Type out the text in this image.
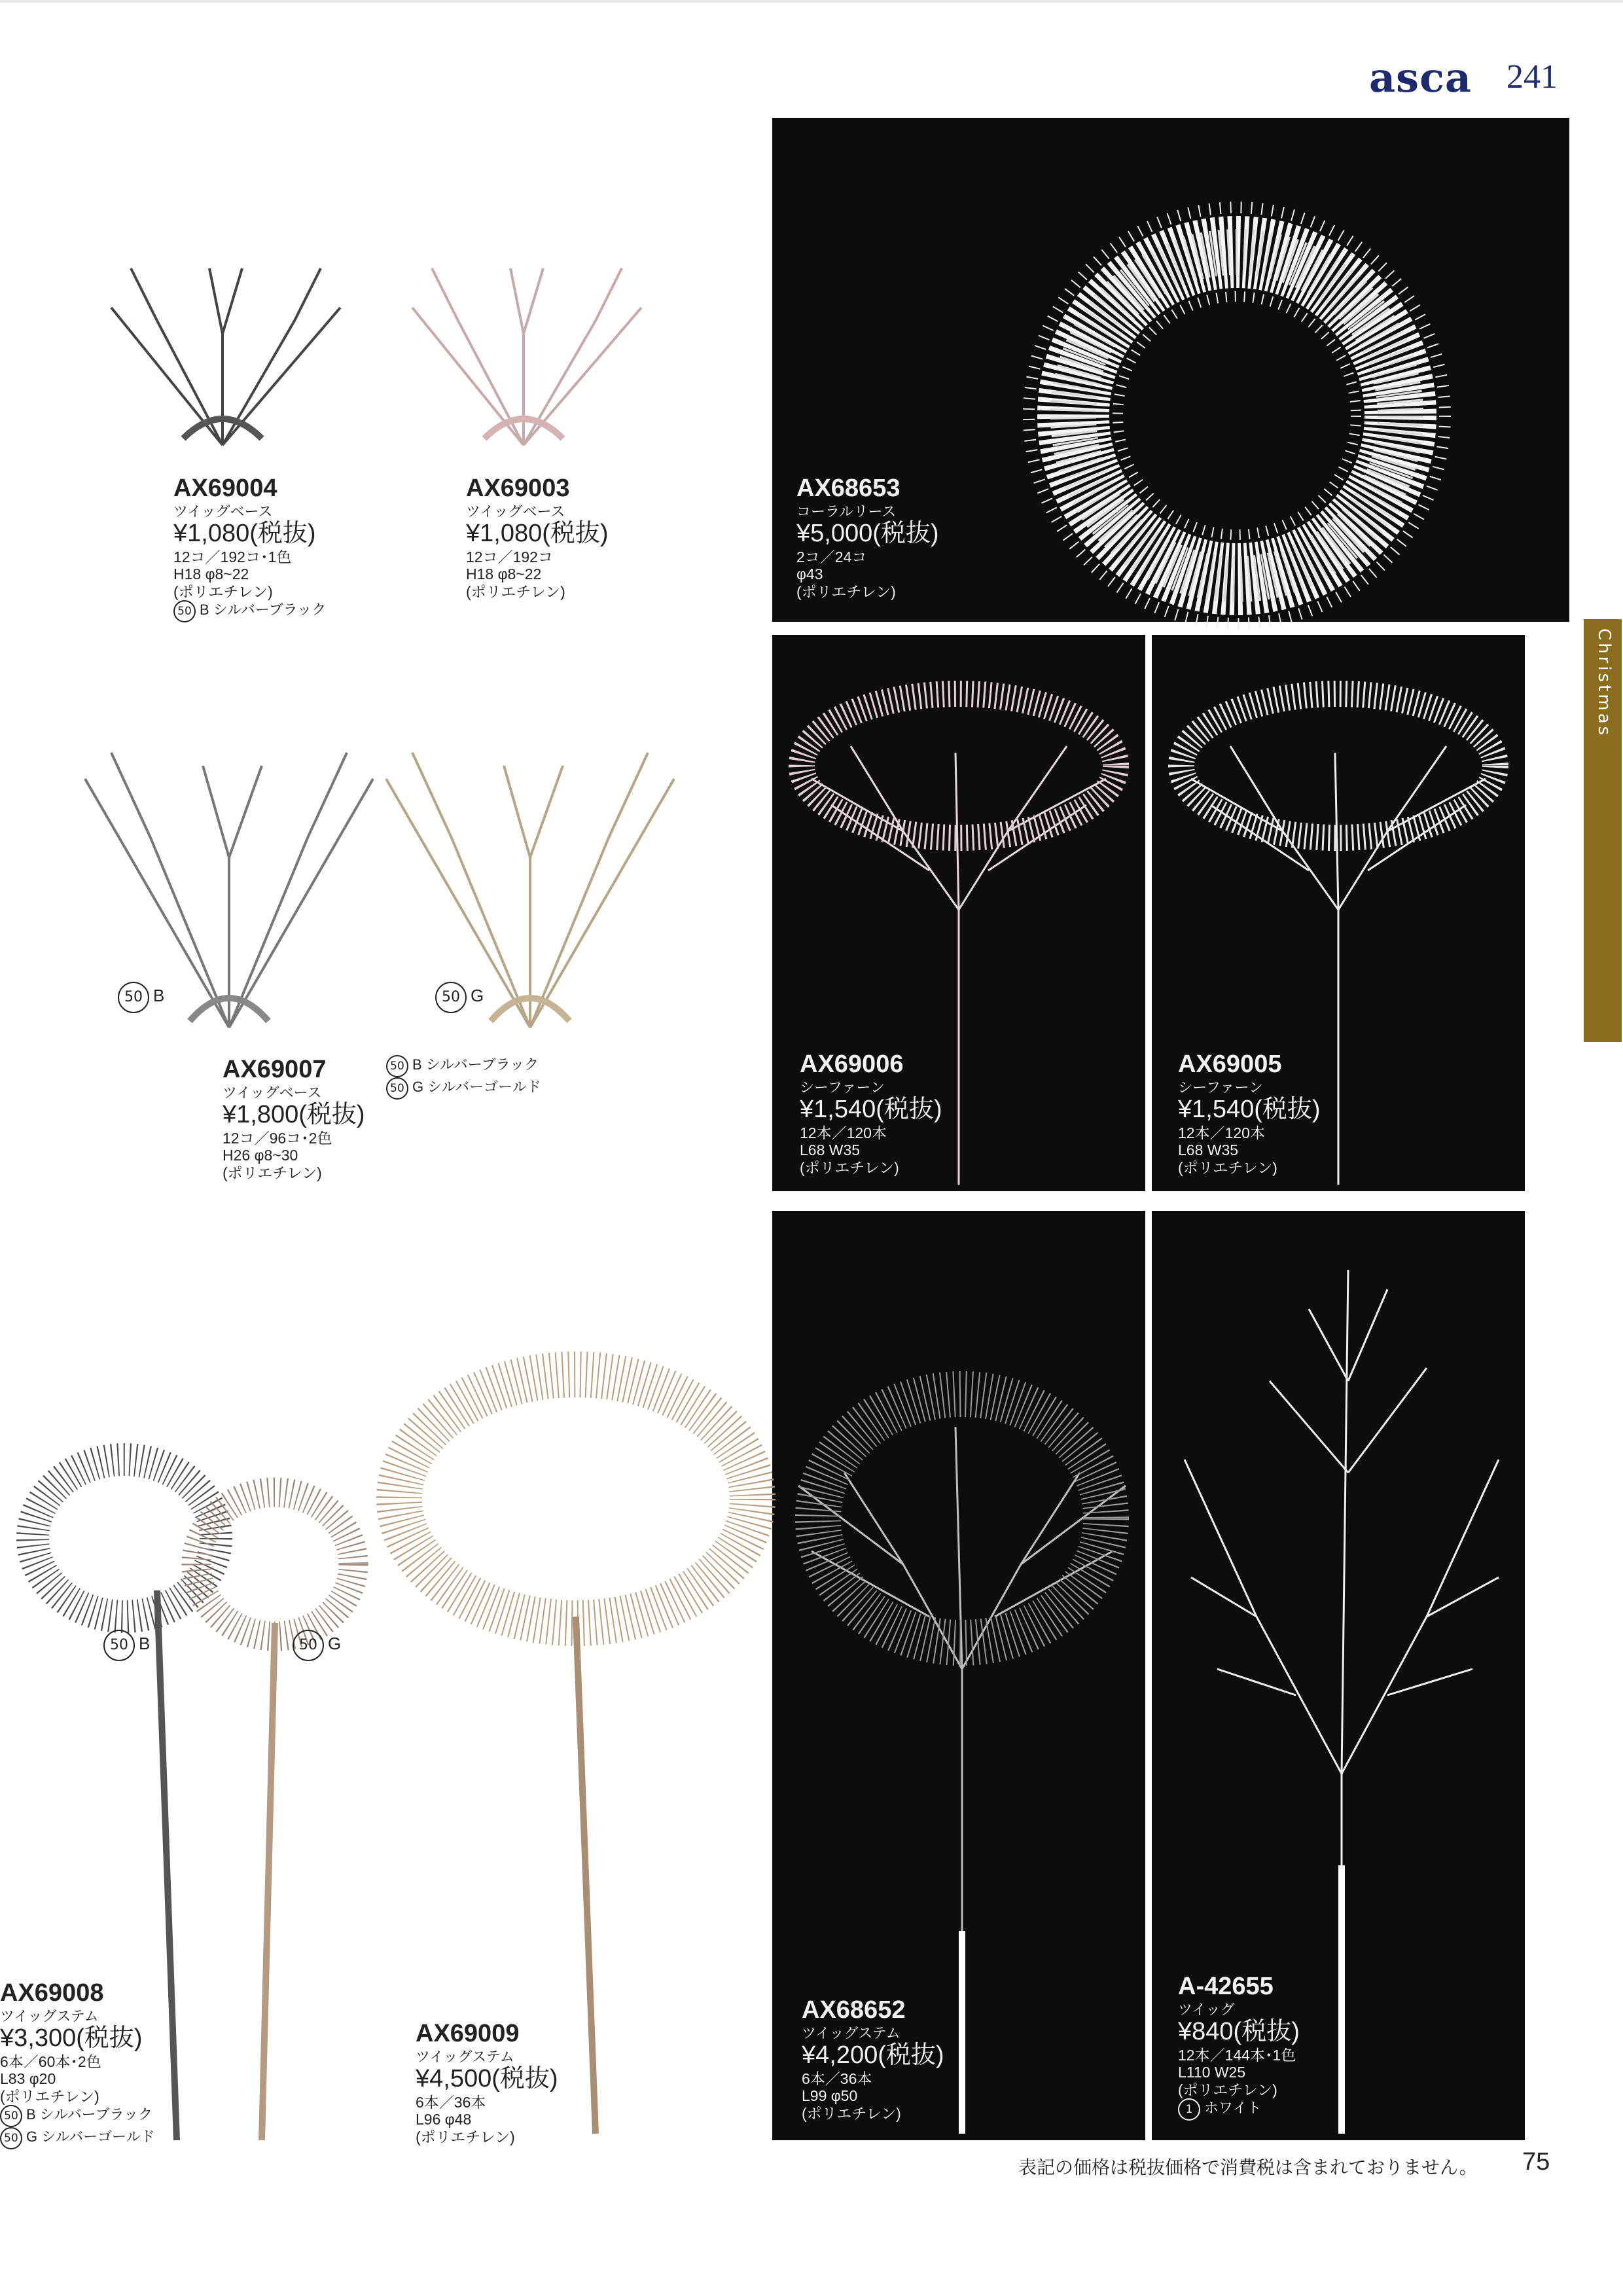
asca 241
Christmas
50 B	50 G
50 B	50 G
AX69004
ツイッグベース
¥1,080(税抜)
12コ／192コ･1色
H18 φ8~22
(ポリエチレン)
50 B シルバーブラック
AX69003
ツイッグベース
¥1,080(税抜)
12コ／192コ
H18 φ8~22
(ポリエチレン)
AX68653
コーラルリース
¥5,000(税抜)
2コ／24コ
φ43
(ポリエチレン)
AX69007
ツイッグベース
¥1,800(税抜)
12コ／96コ･2色
H26 φ8~30
(ポリエチレン)
50 B シルバーブラック
50 G シルバーゴールド
AX69006
シーファーン
¥1,540(税抜)
12本／120本
L68 W35
(ポリエチレン)
AX69005
シーファーン
¥1,540(税抜)
12本／120本
L68 W35
(ポリエチレン)
AX69008
ツイッグステム
¥3,300(税抜)
6本／60本･2色
L83 φ20
(ポリエチレン)
50 B シルバーブラック
50 G シルバーゴールド
AX69009
ツイッグステム
¥4,500(税抜)
6本／36本
L96 φ48
(ポリエチレン)
AX68652
ツイッグステム
¥4,200(税抜)
6本／36本
L99 φ50
(ポリエチレン)
A-42655
ツイッグ
¥840(税抜)
12本／144本･1色
L110 W25
(ポリエチレン)
1 ホワイト
表記の価格は税抜価格で消費税は含まれておりません。 75
